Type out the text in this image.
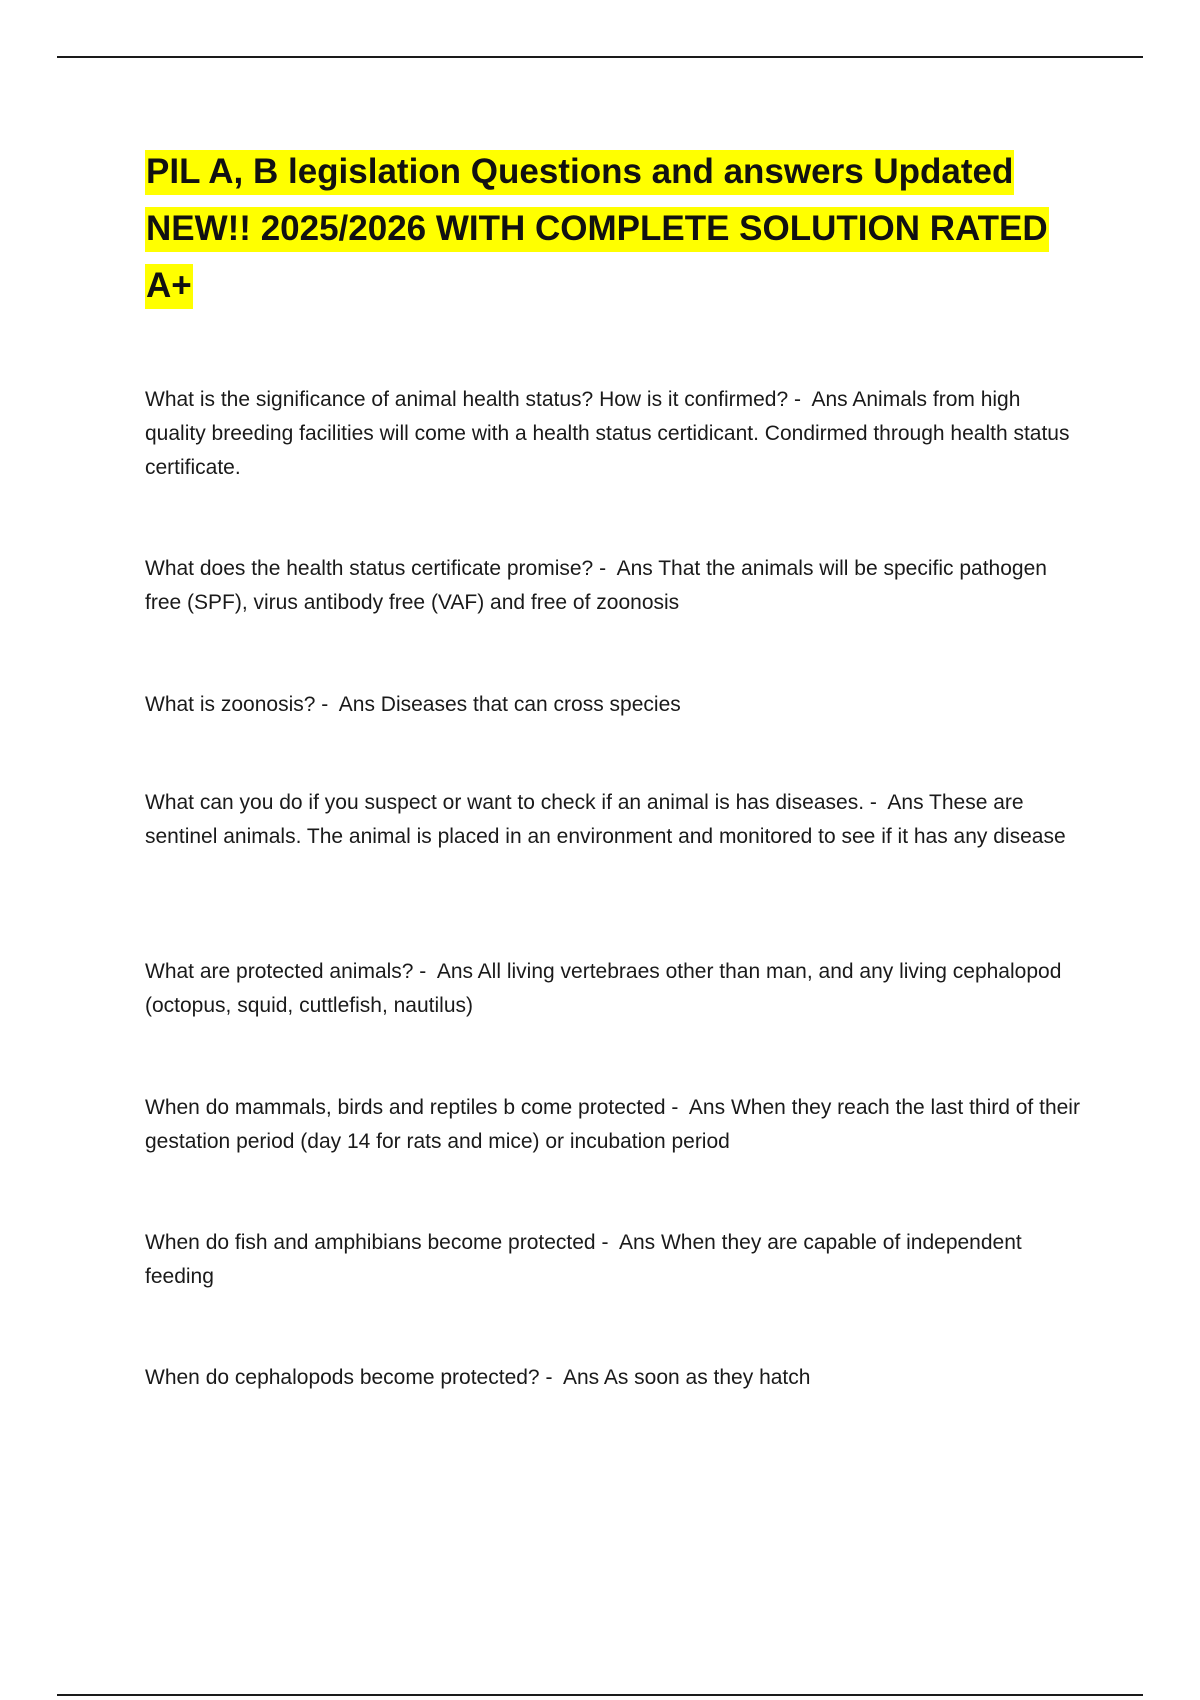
PIL A, B legislation Questions and answers Updated NEW!! 2025/2026 WITH COMPLETE SOLUTION RATED A+

What is the significance of animal health status? How is it confirmed? -  Ans Animals from high quality breeding facilities will come with a health status certidicant. Condirmed through health status certificate.

What does the health status certificate promise? -  Ans That the animals will be specific pathogen free (SPF), virus antibody free (VAF) and free of zoonosis

What is zoonosis? -  Ans Diseases that can cross species

What can you do if you suspect or want to check if an animal is has diseases. -  Ans These are sentinel animals. The animal is placed in an environment and monitored to see if it has any disease

What are protected animals? -  Ans All living vertebraes other than man, and any living cephalopod (octopus, squid, cuttlefish, nautilus)

When do mammals, birds and reptiles b come protected -  Ans When they reach the last third of their gestation period (day 14 for rats and mice) or incubation period

When do fish and amphibians become protected -  Ans When they are capable of independent feeding

When do cephalopods become protected? -  Ans As soon as they hatch
